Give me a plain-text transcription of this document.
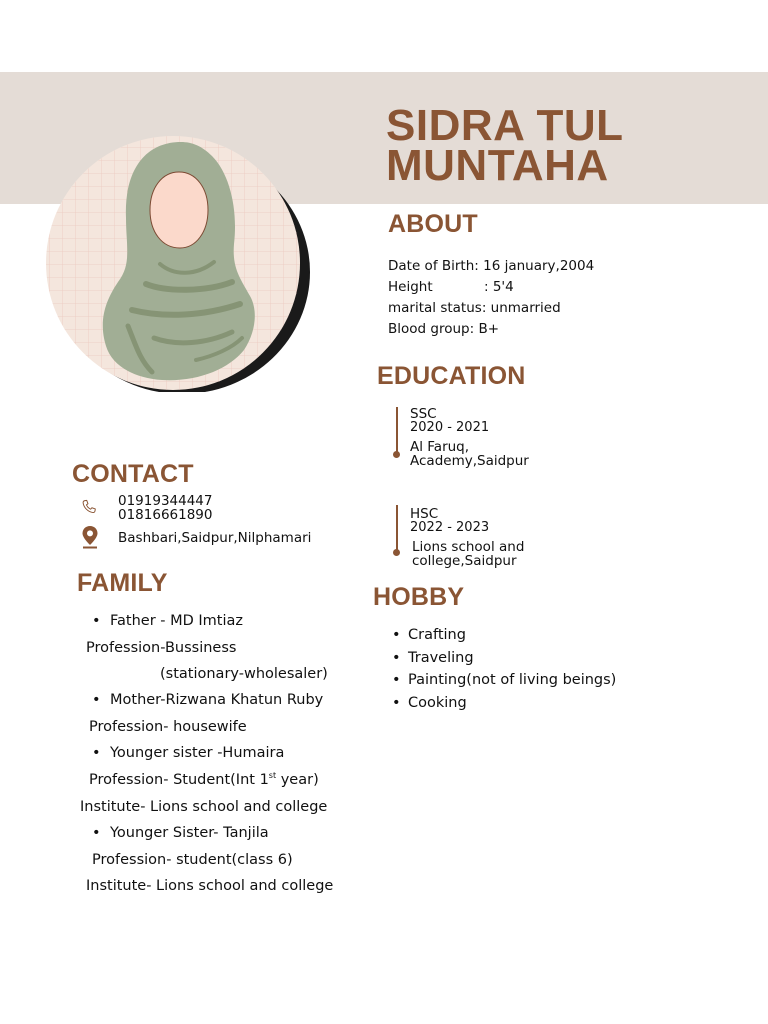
SIDRA TUL
MUNTAHA
ABOUT
Date of Birth: 16 january,2004
Height	: 5'4
marital status: unmarried
Blood group: B+
EDUCATION
SSC
2020 - 2021
Al Faruq,
Academy,Saidpur
HSC
2022 - 2023
Lions school and
college,Saidpur
CONTACT
01919344447
01816661890
Bashbari,Saidpur,Nilphamari
FAMILY
• Father - MD Imtiaz
Profession-Bussiness
(stationary-wholesaler)
• Mother-Rizwana Khatun Ruby
Profession- housewife
• Younger sister -Humaira
Profession- Student(Int 1st year)
Institute- Lions school and college
• Younger Sister- Tanjila
Profession- student(class 6)
Institute- Lions school and college
HOBBY
• Crafting
• Traveling
• Painting(not of living beings)
• Cooking
